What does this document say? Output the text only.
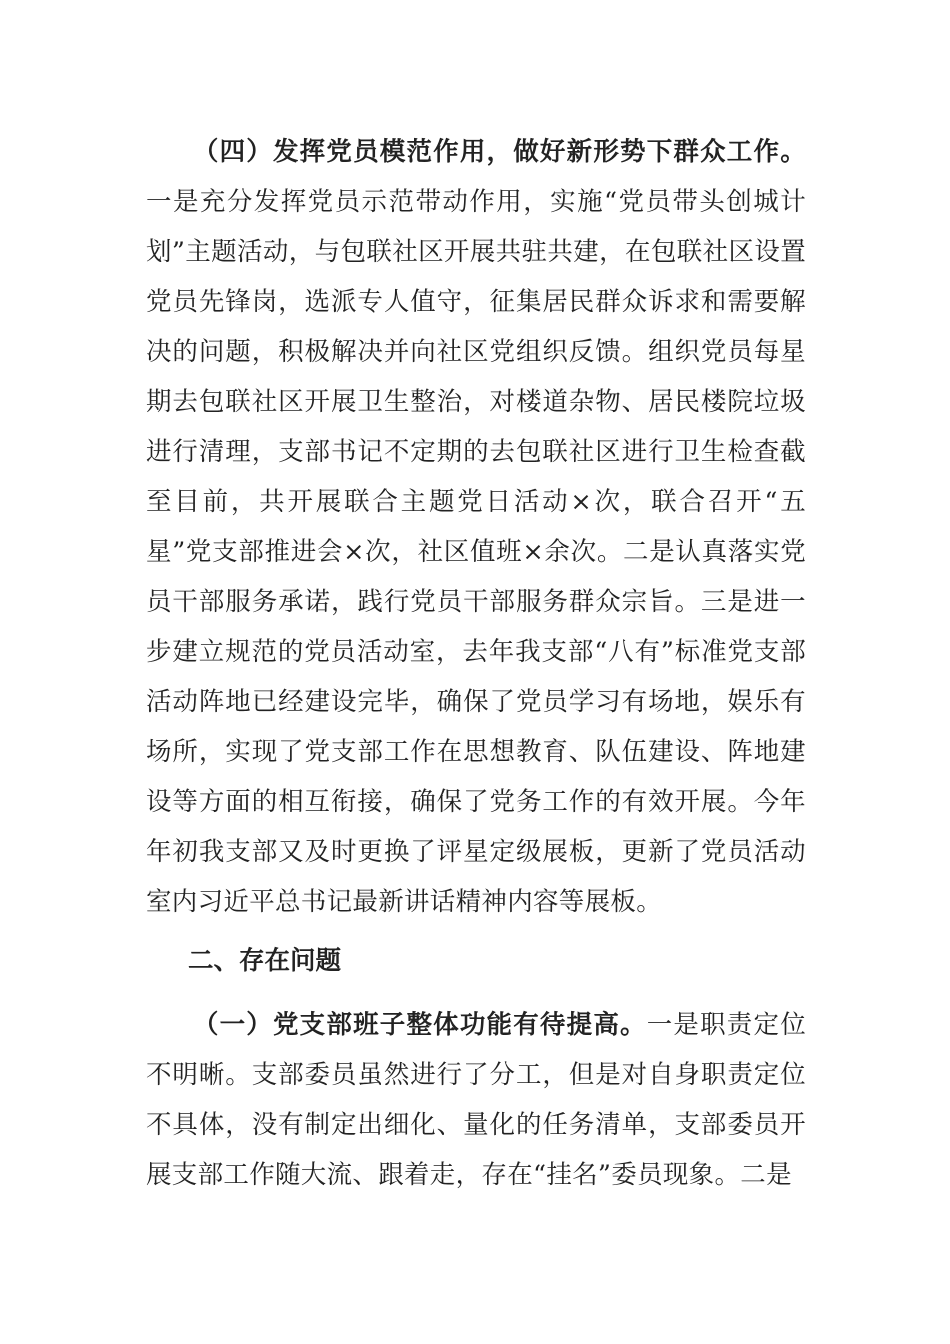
（四）发挥党员模范作用，做好新形势下群众工作。一是充分发挥党员示范带动作用，实施“党员带头创城计划”主题活动，与包联社区开展共驻共建，在包联社区设置党员先锋岗，选派专人值守，征集居民群众诉求和需要解决的问题，积极解决并向社区党组织反馈。组织党员每星期去包联社区开展卫生整治，对楼道杂物、居民楼院垃圾进行清理，支部书记不定期的去包联社区进行卫生检查截至目前，共开展联合主题党日活动×次，联合召开“五星”党支部推进会×次，社区值班×余次。二是认真落实党员干部服务承诺，践行党员干部服务群众宗旨。三是进一步建立规范的党员活动室，去年我支部“八有”标准党支部活动阵地已经建设完毕，确保了党员学习有场地，娱乐有场所，实现了党支部工作在思想教育、队伍建设、阵地建设等方面的相互衔接，确保了党务工作的有效开展。今年年初我支部又及时更换了评星定级展板，更新了党员活动室内习近平总书记最新讲话精神内容等展板。

二、存在问题

（一）党支部班子整体功能有待提高。一是职责定位不明晰。支部委员虽然进行了分工，但是对自身职责定位不具体，没有制定出细化、量化的任务清单，支部委员开展支部工作随大流、跟着走，存在“挂名”委员现象。二是
